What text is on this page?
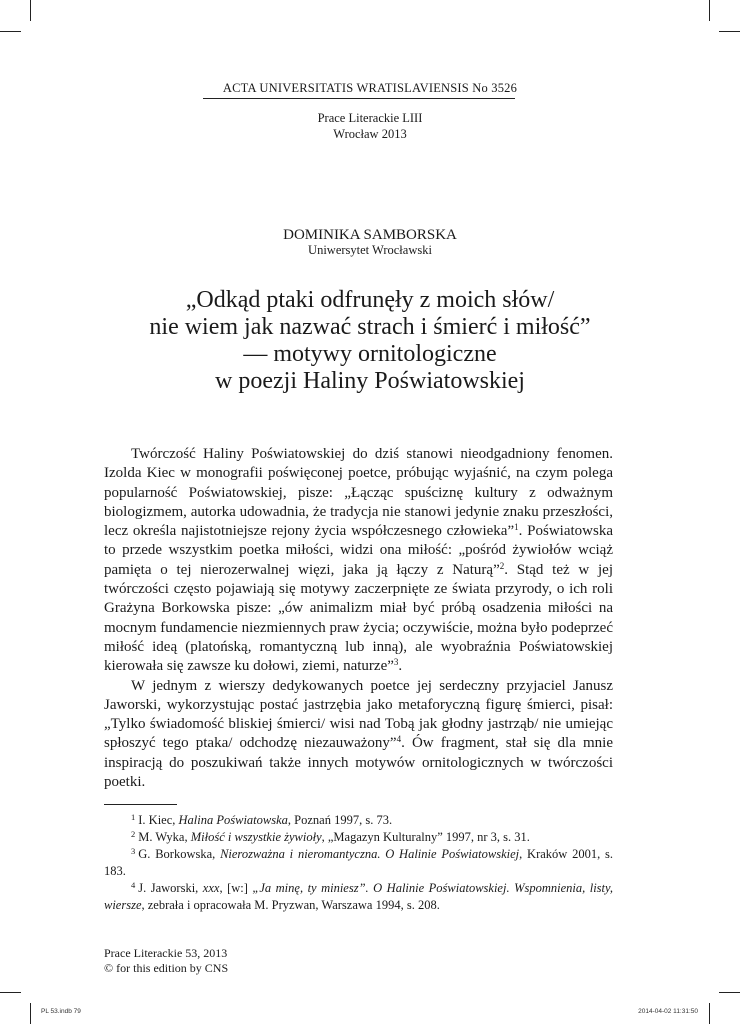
ACTA UNIVERSITATIS WRATISLAVIENSIS No 3526
Prace Literackie LIII
Wrocław 2013
DOMINIKA SAMBORSKA
Uniwersytet Wrocławski
„Odkąd ptaki odfrunęły z moich słów/
nie wiem jak nazwać strach i śmierć i miłość”
— motywy ornitologiczne
w poezji Haliny Poświatowskiej

Twórczość Haliny Poświatowskiej do dziś stanowi nieodgadniony fenomen. Izolda Kiec w monografii poświęconej poetce, próbując wyjaśnić, na czym polega popularność Poświatowskiej, pisze: „Łącząc spuściznę kultury z odważnym biologizmem, autorka udowadnia, że tradycja nie stanowi jedynie znaku przeszłości, lecz określa najistotniejsze rejony życia współczesnego człowieka”$^1$. Poświatowska to przede wszystkim poetka miłości, widzi ona miłość: „pośród żywiołów wciąż pamięta o tej nierozerwalnej więzi, jaka ją łączy z Naturą”$^2$. Stąd też w jej twórczości często pojawiają się motywy zaczerpnięte ze świata przyrody, o ich roli Grażyna Borkowska pisze: „ów animalizm miał być próbą osadzenia miłości na mocnym fundamencie niezmiennych praw życia; oczywiście, można było podeprzeć miłość ideą (platońską, romantyczną lub inną), ale wyobraźnia Poświatowskiej kierowała się zawsze ku dołowi, ziemi, naturze”$^3$.

W jednym z wierszy dedykowanych poetce jej serdeczny przyjaciel Janusz Jaworski, wykorzystując postać jastrzębia jako metaforyczną figurę śmierci, pisał: „Tylko świadomość bliskiej śmierci/ wisi nad Tobą jak głodny jastrząb/ nie umiejąc spłoszyć tego ptaka/ odchodzę niezauważony”$^4$. Ów fragment, stał się dla mnie inspiracją do poszukiwań także innych motywów ornitologicznych w twórczości poetki.

$^1$ I. Kiec, Halina Poświatowska, Poznań 1997, s. 73.

$^2$ M. Wyka, Miłość i wszystkie żywioły, „Magazyn Kulturalny” 1997, nr 3, s. 31.

$^3$ G. Borkowska, Nierozważna i nieromantyczna. O Halinie Poświatowskiej, Kraków 2001, s. 183.

$^4$ J. Jaworski, xxx, [w:] „Ja minę, ty miniesz”. O Halinie Poświatowskiej. Wspomnienia, listy, wiersze, zebrała i opracowała M. Pryzwan, Warszawa 1994, s. 208.

Prace Literackie 53, 2013
© for this edition by CNS
PL 53.indb 79	2014-04-02 11:31:50
